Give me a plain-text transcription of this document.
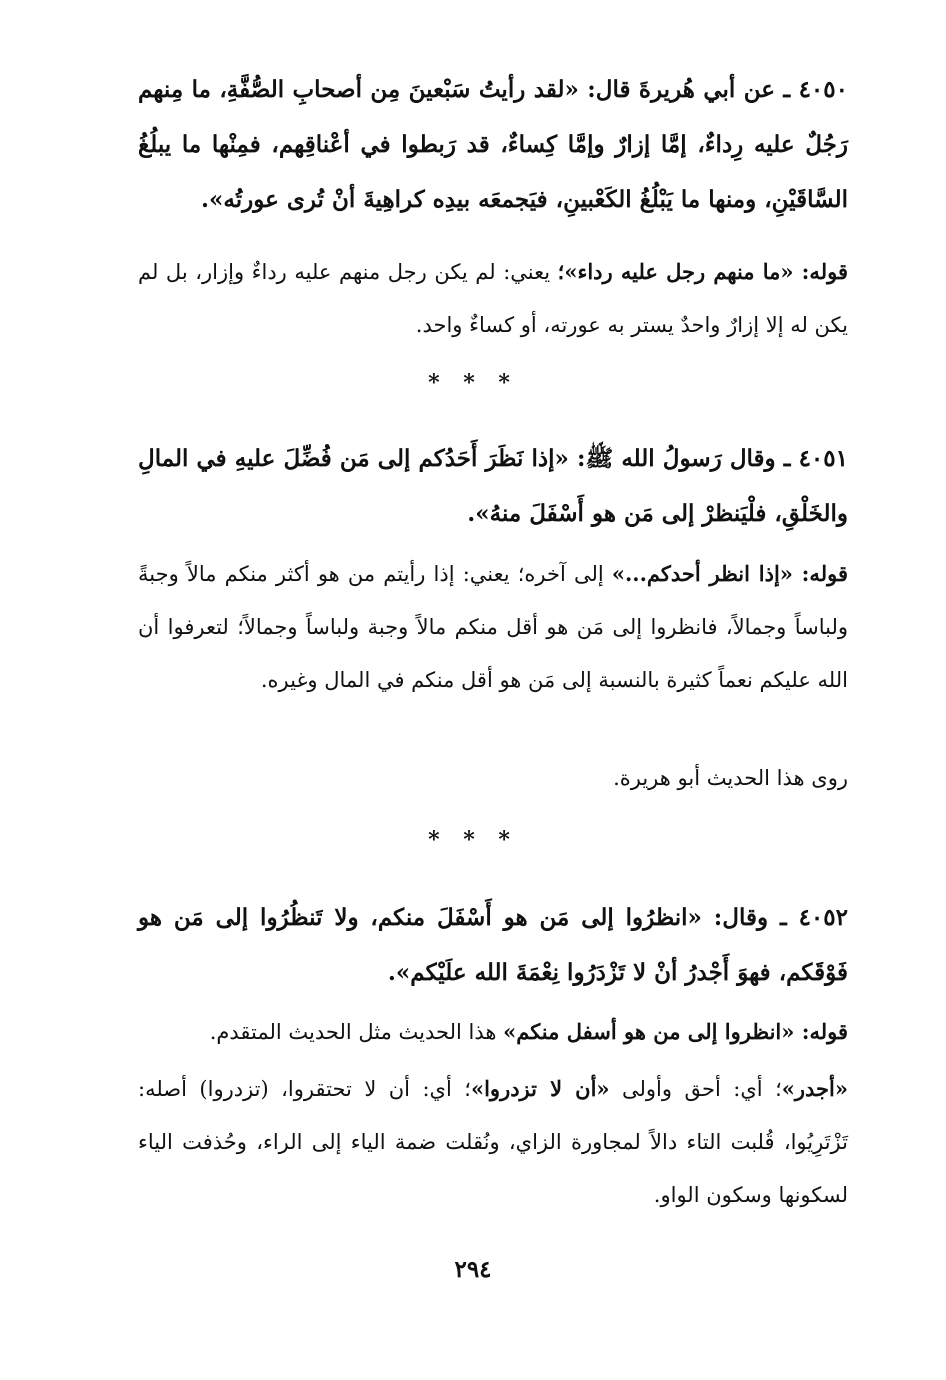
٤٠٥٠ ـ عن أبي هُريرةَ قال: «لقد رأيتُ سَبْعينَ مِن أصحابِ الصُّفَّةِ، ما مِنهم رَجُلٌ عليه رِداءٌ، إمَّا إزارٌ وإمَّا كِساءٌ، قد رَبطوا في أعْناقِهم، فمِنْها ما يبلُغُ السَّاقَيْنِ، ومنها ما يَبْلُغُ الكَعْبينِ، فيَجمعَه بيدِه كراهِيةَ أنْ تُرى عورتُه».

قوله: «ما منهم رجل عليه رداء»؛ يعني: لم يكن رجل منهم عليه رداءٌ وإزار، بل لم يكن له إلا إزارٌ واحدٌ يستر به عورته، أو كساءٌ واحد.

* * *

٤٠٥١ ـ وقال رَسولُ الله ﷺ: «إذا نَظَرَ أَحَدُكم إلى مَن فُضِّلَ عليهِ في المالِ والخَلْقِ، فلْيَنظرْ إلى مَن هو أَسْفَلَ منهُ».

قوله: «إذا انظر أحدكم...» إلى آخره؛ يعني: إذا رأيتم من هو أكثر منكم مالاً وجبةً ولباساً وجمالاً، فانظروا إلى مَن هو أقل منكم مالاً وجبة ولباساً وجمالاً؛ لتعرفوا أن الله عليكم نعماً كثيرة بالنسبة إلى مَن هو أقل منكم في المال وغيره.

روى هذا الحديث أبو هريرة.

* * *

٤٠٥٢ ـ وقال: «انظرُوا إلى مَن هو أَسْفَلَ منكم، ولا تَنظُرُوا إلى مَن هو فَوْقَكم، فهوَ أَجْدرُ أنْ لا تَزْدَرُوا نِعْمَةَ الله علَيْكم».

قوله: «انظروا إلى من هو أسفل منكم» هذا الحديث مثل الحديث المتقدم.

«أجدر»؛ أي: أحق وأولى «أن لا تزدروا»؛ أي: أن لا تحتقروا، (تزدروا) أصله: تَزْتَرِيُوا، قُلبت التاء دالاً لمجاورة الزاي، ونُقلت ضمة الياء إلى الراء، وحُذفت الياء لسكونها وسكون الواو.

٢٩٤
